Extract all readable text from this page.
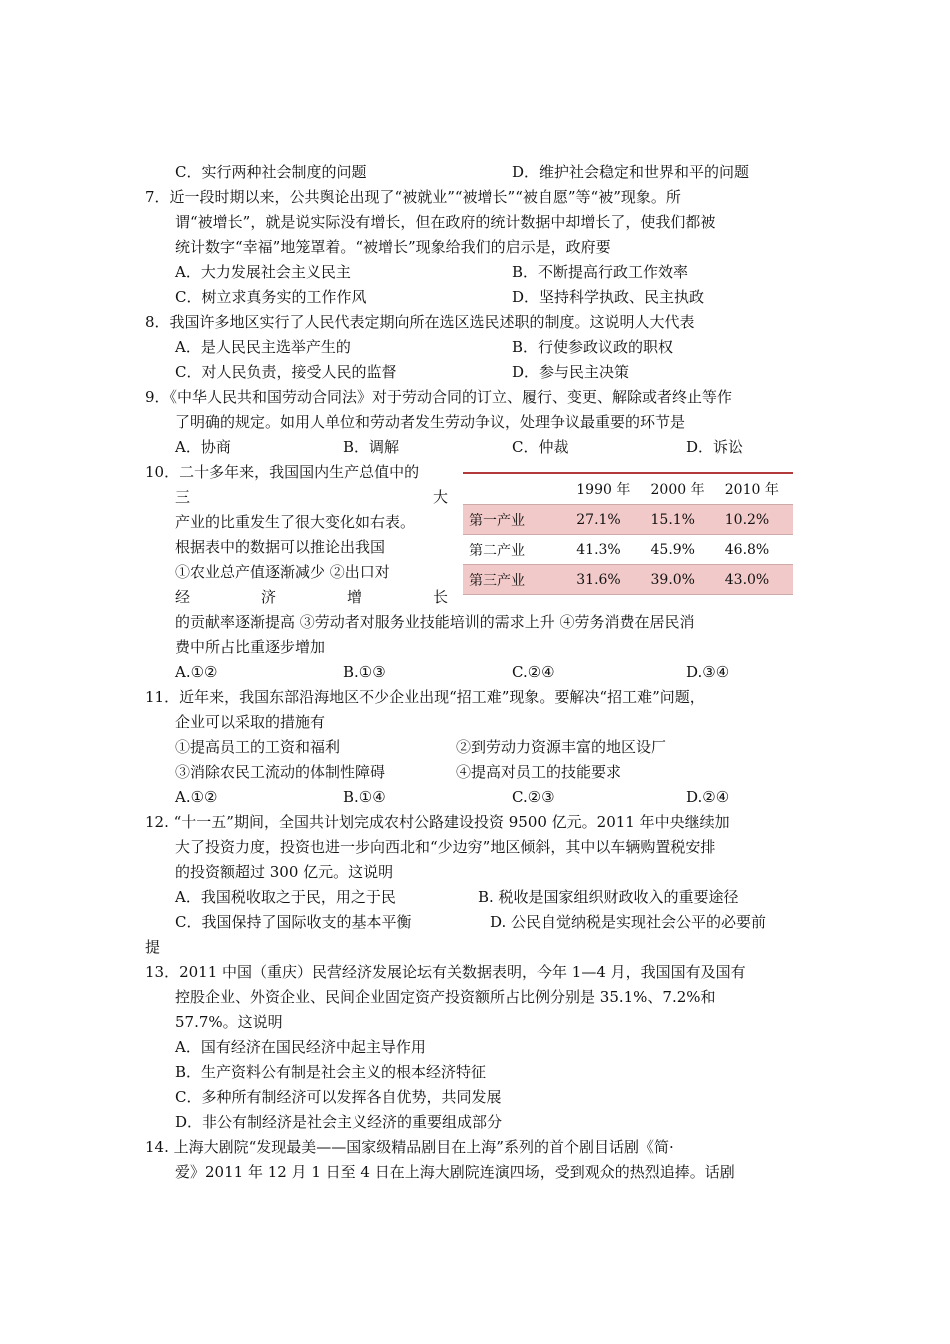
C．实行两种社会制度的问题	D．维护社会稳定和世界和平的问题
7．近一段时期以来，公共舆论出现了“被就业”“被增长”“被自愿”等“被”现象。所
谓“被增长”，就是说实际没有增长，但在政府的统计数据中却增长了，使我们都被
统计数字“幸福”地笼罩着。“被增长”现象给我们的启示是，政府要
A．大力发展社会主义民主	B．不断提高行政工作效率
C．树立求真务实的工作作风	D．坚持科学执政、民主执政
8．我国许多地区实行了人民代表定期向所在选区选民述职的制度。这说明人大代表
A．是人民民主选举产生的	B．行使参政议政的职权
C．对人民负责，接受人民的监督	D．参与民主决策
9．《中华人民共和国劳动合同法》对于劳动合同的订立、履行、变更、解除或者终止等作
了明确的规定。如用人单位和劳动者发生劳动争议，处理争议最重要的环节是
A．协商	B．调解	C．仲裁	D．诉讼
10．二十多年来，我国国内生产总值中的
三	大
产业的比重发生了很大变化如右表。
根据表中的数据可以推论出我国
①农业总产值逐渐减少 ②出口对
经	济	增	长
的贡献率逐渐提高 ③劳动者对服务业技能培训的需求上升 ④劳务消费在居民消
费中所占比重逐步增加
A.①②	B.①③	C.②④	D.③④
	1990 年	2000 年	2010 年
第一产业	27.1%	15.1%	10.2%
第二产业	41.3%	45.9%	46.8%
第三产业	31.6%	39.0%	43.0%
11．近年来，我国东部沿海地区不少企业出现“招工难”现象。要解决“招工难”问题，
企业可以采取的措施有
①提高员工的工资和福利	②到劳动力资源丰富的地区设厂
③消除农民工流动的体制性障碍	④提高对员工的技能要求
A.①②	B.①④	C.②③	D.②④
12. “十一五”期间，全国共计划完成农村公路建设投资 9500 亿元。2011 年中央继续加
大了投资力度，投资也进一步向西北和“少边穷”地区倾斜，其中以车辆购置税安排
的投资额超过 300 亿元。这说明
A．我国税收取之于民，用之于民	B. 税收是国家组织财政收入的重要途径
C．我国保持了国际收支的基本平衡	D. 公民自觉纳税是实现社会公平的必要前
提
13．2011 中国（重庆）民营经济发展论坛有关数据表明，今年 1—4 月，我国国有及国有
控股企业、外资企业、民间企业固定资产投资额所占比例分别是 35.1%、7.2%和
57.7%。这说明
A．国有经济在国民经济中起主导作用
B．生产资料公有制是社会主义的根本经济特征
C．多种所有制经济可以发挥各自优势，共同发展
D．非公有制经济是社会主义经济的重要组成部分
14. 上海大剧院“发现最美——国家级精品剧目在上海”系列的首个剧目话剧《简·
爱》2011 年 12 月 1 日至 4 日在上海大剧院连演四场，受到观众的热烈追捧。话剧
